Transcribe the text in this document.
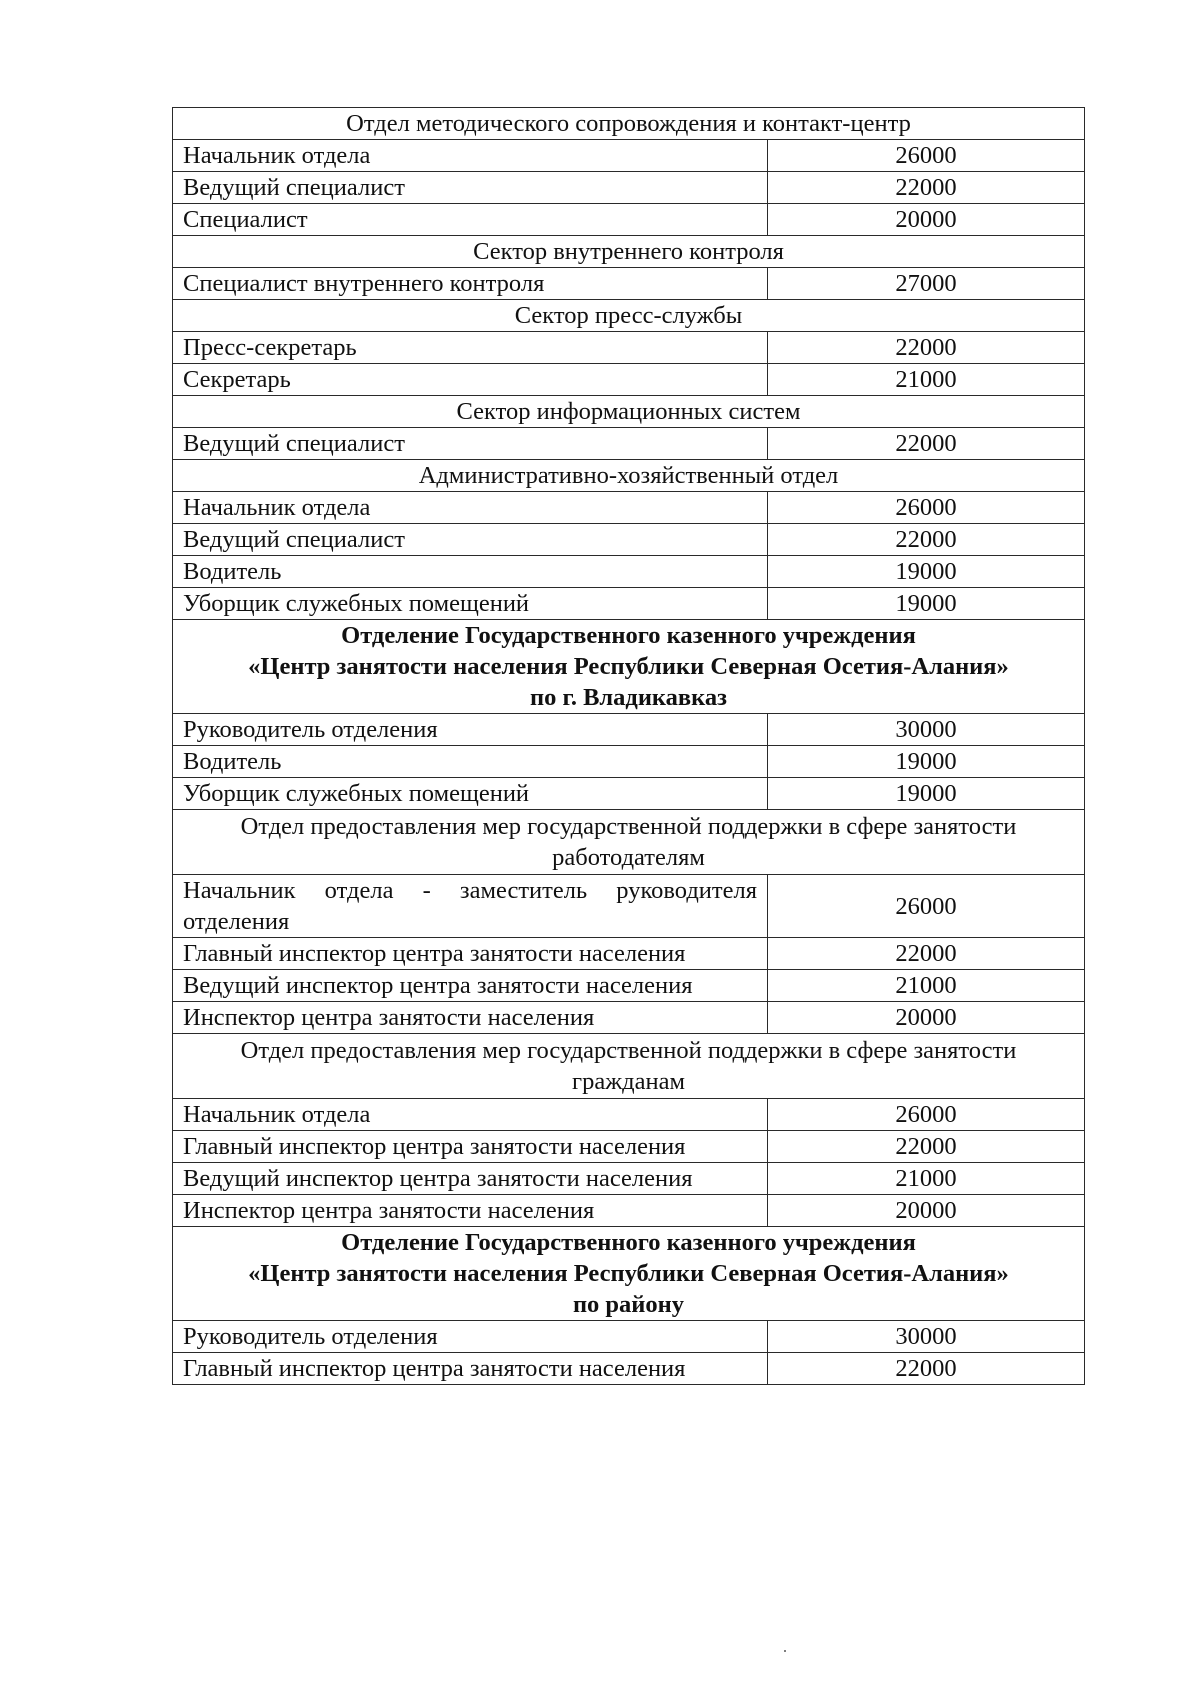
Отдел методического сопровождения и контакт-центр	
Начальник отдела	26000
Ведущий специалист	22000
Специалист	20000
Сектор внутреннего контроля	
Специалист внутреннего контроля	27000
Сектор пресс-службы	
Пресс-секретарь	22000
Секретарь	21000
Сектор информационных систем	
Ведущий специалист	22000
Административно-хозяйственный отдел	
Начальник отдела	26000
Ведущий специалист	22000
Водитель	19000
Уборщик служебных помещений	19000

Отделение Государственного казенного учреждения
«Центр занятости населения Республики Северная Осетия-Алания»
по г. Владикавказ	

Руководитель отделения	30000
Водитель	19000
Уборщик служебных помещений	19000
Отдел предоставления мер государственной поддержки в сфере занятости работодателям	
Начальник отдела - заместитель руководителя отделения	26000
Главный инспектор центра занятости населения	22000
Ведущий инспектор центра занятости населения	21000
Инспектор центра занятости населения	20000
Отдел предоставления мер государственной поддержки в сфере занятости гражданам	
Начальник отдела	26000
Главный инспектор центра занятости населения	22000
Ведущий инспектор центра занятости населения	21000
Инспектор центра занятости населения	20000

Отделение Государственного казенного учреждения
«Центр занятости населения Республики Северная Осетия-Алания»
по району	

Руководитель отделения	30000
Главный инспектор центра занятости населения	22000
